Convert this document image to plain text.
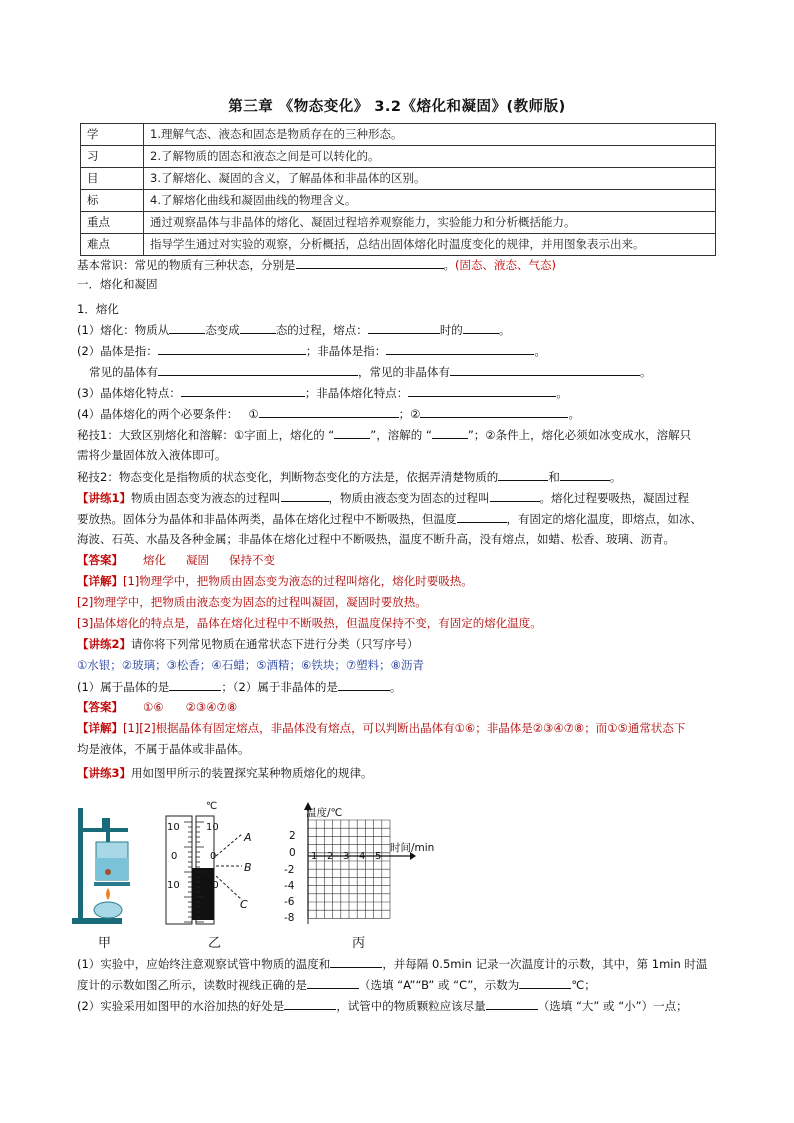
第三章 《物态变化》 3.2《熔化和凝固》(教师版)
学	1.理解气态、液态和固态是物质存在的三种形态。
习	2.了解物质的固态和液态之间是可以转化的。
目	3.了解熔化、凝固的含义，了解晶体和非晶体的区别。
标	4.了解熔化曲线和凝固曲线的物理含义。
重点	通过观察晶体与非晶体的熔化、凝固过程培养观察能力，实验能力和分析概括能力。
难点	指导学生通过对实验的观察，分析概括，总结出固体熔化时温度变化的规律，并用图象表示出来。
基本常识：常见的物质有三种状态，分别是	。(固态、液态、气态)
一．熔化和凝固
1．熔化
(1）熔化：物质从	态变成	态的过程，熔点：	时的	。
(2）晶体是指：	；非晶体是指：	。
常见的晶体有	，常见的非晶体有	。
(3）晶体熔化特点：	；非晶体熔化特点：	。
(4）晶体熔化的两个必要条件： ①	；②	。
秘技1：大致区别熔化和溶解：①字面上，熔化的 “	”，溶解的 “	”；②条件上，熔化必须如冰变成水，溶解只
需将少量固体放入液体即可。
秘技2：物态变化是指物质的状态变化，判断物态变化的方法是，依据弄清楚物质的	和	。
【讲练1】物质由固态变为液态的过程叫	，物质由液态变为固态的过程叫	。熔化过程要吸热，凝固过程
要放热。固体分为晶体和非晶体两类，晶体在熔化过程中不断吸热，但温度	，有固定的熔化温度，即熔点，如冰、
海波、石英、水晶及各种金属；非晶体在熔化过程中不断吸热，温度不断升高，没有熔点，如蜡、松香、玻璃、沥青。
【答案】 熔化 凝固 保持不变
【详解】[1]物理学中，把物质由固态变为液态的过程叫熔化，熔化时要吸热。
[2]物理学中，把物质由液态变为固态的过程叫凝固，凝固时要放热。
[3]晶体熔化的特点是，晶体在熔化过程中不断吸热，但温度保持不变，有固定的熔化温度。
【讲练2】请你将下列常见物质在通常状态下进行分类（只写序号）
①水银；②玻璃；③松香；④石蜡；⑤酒精；⑥铁块；⑦塑料；⑧沥青
(1）属于晶体的是	；（2）属于非晶体的是	。
【答案】 ①⑥ ②③④⑦⑧
【详解】[1][2]根据晶体有固定熔点，非晶体没有熔点，可以判断出晶体有①⑥；非晶体是②③④⑦⑧；而①⑤通常状态下
均是液体，不属于晶体或非晶体。
【讲练3】用如图甲所示的装置探究某种物质熔化的规律。
(1）实验中，应始终注意观察试管中物质的温度和	，并每隔 0.5min 记录一次温度计的示数，其中，第 1min 时温
度计的示数如图乙所示，读数时视线正确的是	（选填 “A”“B” 或 “C”，示数为	℃；
(2）实验采用如图甲的水浴加热的好处是	，试管中的物质颗粒应该尽量	（选填 “大” 或 “小”）一点；
甲	乙	丙
℃
10
0
10
10
0
10
A
B
C
温度/℃
时间/min
2
0
-2
-4
-6
-8
1 2 3 4 5
